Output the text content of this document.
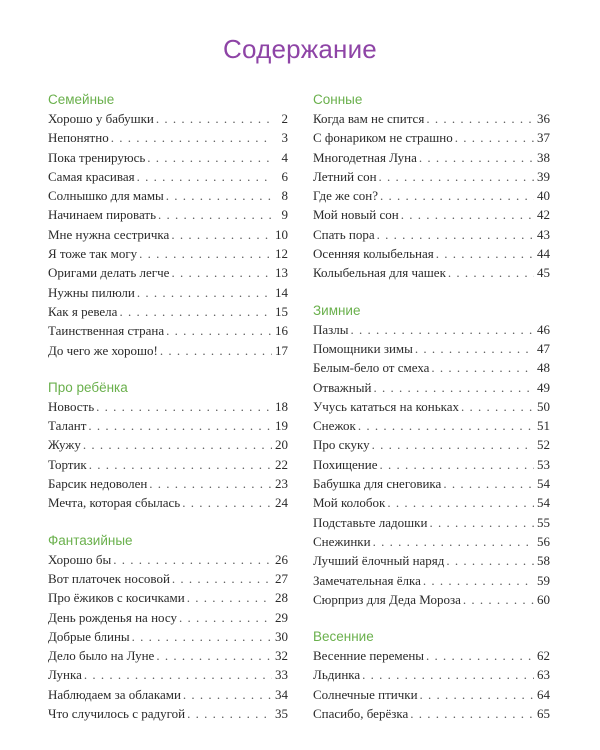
Содержание
Семейные
Хорошо у бабушки . . .	2
Непонятно . . .	3
Пока тренируюсь . . .	4
Самая красивая . . .	6
Солнышко для мамы . . .	8
Начинаем пировать . . .	9
Мне нужна сестричка . . .	10
Я тоже так могу . . .	12
Оригами делать легче . . .	13
Нужны пилюли . . .	14
Как я ревела . . .	15
Таинственная страна . . .	16
До чего же хорошо! . . .	17
Про ребёнка
Новость . . .	18
Талант . . .	19
Жужу . . .	20
Тортик . . .	22
Барсик недоволен . . .	23
Мечта, которая сбылась . . .	24
Фантазийные
Хорошо бы . . .	26
Вот платочек носовой . . .	27
Про ёжиков с косичками . . .	28
День рожденья на носу . . .	29
Добрые блины . . .	30
Дело было на Луне . . .	32
Лунка . . .	33
Наблюдаем за облаками . . .	34
Что случилось с радугой . . .	35
Сонные
Когда вам не спится . . .	36
С фонариком не страшно . . .	37
Многодетная Луна . . .	38
Летний сон . . .	39
Где же сон? . . .	40
Мой новый сон . . .	42
Спать пора . . .	43
Осенняя колыбельная . . .	44
Колыбельная для чашек . . .	45
Зимние
Пазлы . . .	46
Помощники зимы . . .	47
Белым-бело от смеха . . .	48
Отважный . . .	49
Учусь кататься на коньках . . .	50
Снежок . . .	51
Про скуку . . .	52
Похищение . . .	53
Бабушка для снеговика . . .	54
Мой колобок . . .	54
Подставьте ладошки . . .	55
Снежинки . . .	56
Лучший ёлочный наряд . . .	58
Замечательная ёлка . . .	59
Сюрприз для Деда Мороза . . .	60
Весенние
Весенние перемены . . .	62
Льдинка . . .	63
Солнечные птички . . .	64
Спасибо, берёзка . . .	65
